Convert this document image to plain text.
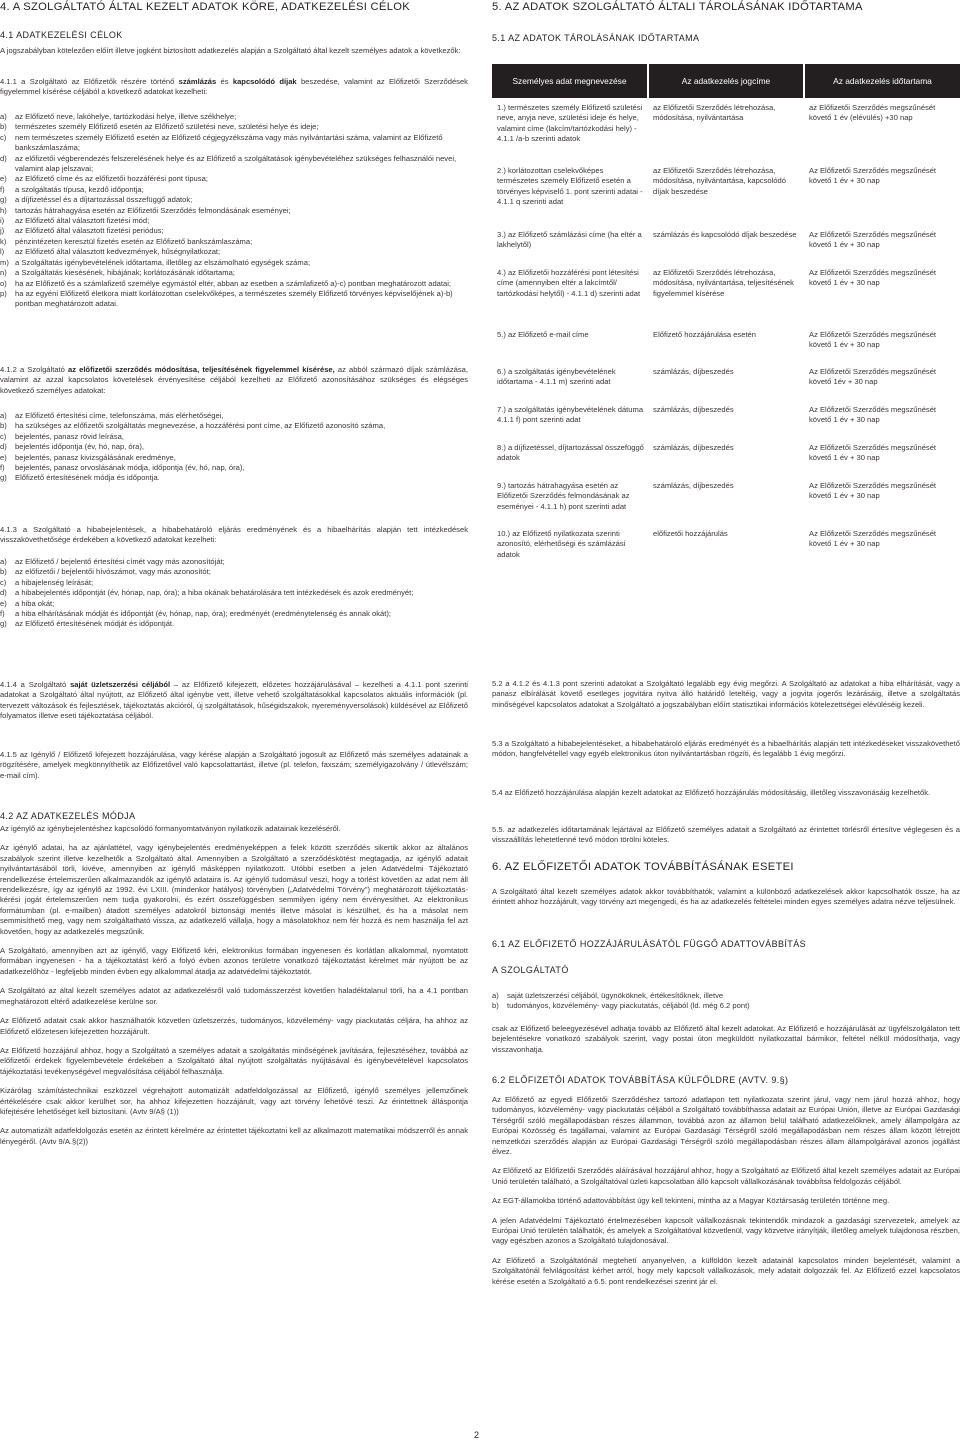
4. A SZOLGÁLTATÓ ÁLTAL KEZELT ADATOK KÖRE, ADATKEZELÉSI CÉLOK
4.1 ADATKEZELÉSI CÉLOK

A jogszabályban kötelezően előírt illetve jogként biztosított adatkezelés alapján a Szolgáltató által kezelt személyes adatok a következők:

4.1.1 a Szolgáltató az Előfizetők részére történő számlázás és kapcsolódó díjak beszedése, valamint az Előfizetői Szerződések figyelemmel kísérése céljából a következő adatokat kezelheti:

a)	az Előfizető neve, lakóhelye, tartózkodási helye, illetve székhelye;
b)	természetes személy Előfizető esetén az Előfizető születési neve, születési helye és ideje;
c)	nem természetes személy Előfizető esetén az Előfizető cégjegyzékszáma vagy más nyilvántartási száma, valamint az Előfizető bankszámlaszáma;
d)	az előfizetői végberendezés felszerelésének helye és az Előfizető a szolgáltatások igénybevételéhez szükséges felhasználói nevei, valamint alap jelszavai;
e)	az Előfizető címe és az előfizetői hozzáférési pont típusa;
f)	a szolgáltatás típusa, kezdő időpontja;
g)	a díjfizetéssel és a díjtartozással összefüggő adatok;
h)	tartozás hátrahagyása esetén az Előfizetői Szerződés felmondásának eseményei;
i)	az Előfizető által választott fizetési mód;
j)	az Előfizető által választott fizetési periódus;
k)	pénzintézeten keresztül fizetés esetén az Előfizető bankszámlaszáma;
l)	az Előfizető által választott kedvezmények, hűségnyilatkozat;
m) a Szolgáltatás igénybevételének időtartama, illetőleg az elszámolható egységek száma;
n)	a Szolgáltatás kiesésének, hibájának; korlátozásának időtartama;
o)	ha az Előfizető és a számlafizető személye egymástól eltér, abban az esetben a számlafizető a)-c) pontban meghatározott adatai;
p)	ha az egyéni Előfizető életkora miatt korlátozottan cselekvőképes, a természetes személy Előfizető törvényes képviselőjének a)-b) pontban meghatározott adatai.

4.1.2 a Szolgáltató az előfizetői szerződés módosítása, teljesítésének figyelemmel kísérése, az abból származó díjak számlázása, valamint az azzal kapcsolatos követelések érvényesítése céljából kezelheti az Előfizető azonosításához szükséges és elégséges következő személyes adatokat:

a)	az Előfizető értesítési címe, telefonszáma, más elérhetőségei,
b)	ha szükséges az előfizetői szolgáltatás megnevezése, a hozzáférési pont címe, az Előfizető azonosító száma,
c)	bejelentés, panasz rövid leírása,
d)	bejelentés időpontja (év, hó, nap, óra),
e)	bejelentés, panasz kivizsgálásának eredménye,
f)	bejelentés, panasz orvoslásának módja, időpontja (év, hó, nap, óra),
g)	Előfizető értesítésének módja és időpontja.

4.1.3 a Szolgáltató a hibabejelentések, a hibabehatároló eljárás eredményének és a hibaelhárítás alapján tett intézkedések visszakövethetősége érdekében a következő adatokat kezelheti:

a)	az Előfizető / bejelentő értesítési címét vagy más azonosítóját;
b)	az előfizetői / bejelentői hívószámot, vagy más azonosítót;
c)	a hibajelenség leírását;
d)	a hibabejelentés időpontját (év, hónap, nap, óra); a hiba okának behatárolására tett intézkedések és azok eredményét;
e)	a hiba okát;
f)	a hiba elhárításának módját és időpontját (év, hónap, nap, óra); eredményét (eredménytelenség és annak okát);
g)	az Előfizető értesítésének módját és időpontját.

4.1.4 a Szolgáltató saját üzletszerzési céljából – az Előfizető kifejezett, előzetes hozzájárulásával – kezelheti a 4.1.1 pont szerinti adatokat a Szolgáltató által nyújtott, az Előfizető által igénybe vett, illetve vehető szolgáltatásokkal kapcsolatos aktuális információk (pl. tervezett változások és fejlesztések, tájékoztatás akcióról, új szolgáltatások, hűségidszakok, nyereményversolások) küldésével az Előfizető folyamatos illetve eseti tájékoztatása céljából.

4.1.5 az Igénylő / Előfizető kifejezett hozzájárulása, vagy kérése alapján a Szolgáltató jogosult az Előfizető más személyes adatainak a rögzítésére, amelyek megkönnyíthetik az Előfizetővel való kapcsolattartást, illetve (pl. telefon, faxszám; személyigazolvány / útlevélszám; e-mail cím).

4.2 AZ ADATKEZELÉS MÓDJA

Az igénylő az igénybejelentéshez kapcsolódó formanyomtatványon nyilatkozik adatainak kezeléséről.

Az igénylő adatai, ha az ajánlattétel, vagy igénybejelentés eredményeképpen a felek között szerződés sikertik akkor az általános szabályok szerint illetve kezelhetők a Szolgáltató által. Amennyiben a Szolgáltató a szerződéskötést megtagadja, az igénylő adatait nyilvántartásából törli, kivéve, amennyiben az igénylő másképpen nyilatkozott. Utóbbi esetben a jelen Adatvédelmi Tájékoztató rendelkezése értelemszerűen alkalmazandók az igénylő adataira is. Az igénylő tudomásul veszi, hogy a törlést követően az adat nem áll rendelkezésre, így az igénylő az 1992. évi LXIII. (mindenkor hatályos) törvényben („Adatvédelmi Törvény") meghatározott tájékoztatás-kérési jogát értelemszerűen nem tudja gyakorolni, és ezért összefüggésben semmilyen igény nem érvényesíthet. Az elektronikus formátumban (pl. e-mailben) átadott személyes adatokról biztonsági mentés illetve másolat is készülhet, és ha a másolat nem semmisíthető meg, vagy nem szolgáltatható vissza, az adatkezelő vállalja, hogy a másolatokhoz nem fér hozzá és nem használja fel azt követően, hogy az adatkezelés megszűnik.

A Szolgáltató, amennyiben azt az igénylő, vagy Előfizető kéri, elektronikus formában ingyenesen és korlátlan alkalommal, nyomtatott formában ingyenesen - ha a tájékoztatást kérő a folyó évben azonos területre vonatkozó tájékoztatást kérelmet már nyújtott be az adatkezelőhöz - legfeljebb minden évben egy alkalommal átadja az adatvédelmi tájékoztatót.

A Szolgáltató az által kezelt személyes adatot az adatkezelésről való tudomásszerzést követően haladéktalanul törli, ha a 4.1 pontban meghatározott eltérő adatkezelése kerülne sor.

Az Előfizető adatait csak akkor használhatók közvetlen üzletszerzés, tudományos, közvélemény- vagy piackutatás céljára, ha ahhoz az Előfizető előzetesen kifejezetten hozzájárult.

Az Előfizető hozzájárul ahhoz, hogy a Szolgáltató a személyes adatait a szolgáltatás minőségének javítására, fejlesztéséhez, továbbá az előfizetői érdekek figyelembevétele érdekében a Szolgáltató által nyújtott szolgáltatás nyújtásával és igénybevételével kapcsolatos tájékoztatási tevékenységével megvalósítása céljából felhasználja.

Kizárólag számítástechnikai eszközzel végrehajtott automatizált adatfeldolgozással az Előfizető, igénylő személyes jellemzőinek értékelésére csak akkor kerülhet sor, ha ahhoz kifejezetten hozzájárult, vagy azt törvény lehetővé teszi. Az érintettnek álláspontja kifejtésére lehetőséget kell biztosítani. (Avtv 9/A§ (1))

Az automatizált adatfeldolgozás esetén az érintett kérelmére az érintettet tájékoztatni kell az alkalmazott matematikai módszerről és annak lényegéről. (Avtv 9/A.§(2))

5. AZ ADATOK SZOLGÁLTATÓ ÁLTALI TÁROLÁSÁNAK IDŐTARTAMA
5.1 AZ ADATOK TÁROLÁSÁNAK IDŐTARTAMA
Személyes adat megnevezése	Az adatkezelés jogcíme	Az adatkezelés időtartama
1.) természetes személy Előfizető születési neve, anyja neve, születési ideje és helye, valamint címe (lakcím/tartózkodási hely) - 4.1.1 /a-b szerinti adatok	az Előfizetői Szerződés létrehozása, módosítása, nyilvántartása	az Előfizetői Szerződés megszűnését követő 1 év (elévülés) +30 nap
2.) korlátozottan cselekvőképes természetes személy Előfizető esetén a törvényes képviselő 1. pont szerinti adatai - 4.1.1 q szerinti adat	az Előfizetői Szerződés létrehozása, módosítása, nyilvántartása, kapcsolódó díjak beszedése	Az Előfizetői Szerződés megszűnését követő 1 év + 30 nap
3.) az Előfizető számlázási címe (ha eltér a lakhelytől)	számlázás és kapcsolódó díjak beszedése	Az Előfizetői Szerződés megszűnését követő 1 év + 30 nap
4.) az Előfizetői hozzáférési pont létesítési címe (amennyiben eltér a lakcímtől/ tartózkodási helytől) - 4.1.1 d) szerinti adat	az Előfizetői Szerződés létrehozása, módosítása, nyilvántartása, teljesítésének figyelemmel kísérése	Az Előfizetői Szerződés megszűnését követő 1 év + 30 nap
5.) az Előfizető e-mail címe	Előfizető hozzájárulása esetén	Az Előfizetői Szerződés megszűnését követő 1 év + 30 nap
6.) a szolgáltatás igénybevételének időtartama - 4.1.1 m) szerinti adat	számlázás, díjbeszedés	Az Előfizetői Szerződés megszűnését követő 1év + 30 nap
7.) a szolgáltatás igénybevételének dátuma 4.1.1 f) pont szerinti adat	számlázás, díjbeszedés	Az Előfizetői Szerződés megszűnését követő 1 év + 30 nap
8.) a díjfizetéssel, díjtartozással összefüggő adatok	számlázás, díjbeszedés	Az Előfizetői Szerződés megszűnését követő 1 év + 30 nap
9.) tartozás hátrahagyása esetén az Előfizetői Szerződés felmondásának az eseményei - 4.1.1 h) pont szerinti adat	számlázás, díjbeszedés	Az Előfizetői Szerződés megszűnését követő 1 év + 30 nap
10.) az Előfizető nyilatkozata szerinti azonosító, elérhetőségi és számlázási adatok	előfizetői hozzájárulás	Az Előfizetői Szerződés megszűnését követő 1 év + 30 nap

5.2 a 4.1.2 és 4.1.3 pont szerinti adatokat a Szolgáltató legalább egy évig megőrzi. A Szolgáltató az adatokat a hiba elhárítását, vagy a panasz elbírálását követő esetleges jogvitára nyitva álló határidő leteltéig, vagy a jogvita jogerős lezárásáig, illetve a szolgáltatás minőségével kapcsolatos adatokat a Szolgáltató a jogszabályban előírt statisztikai információs kötelezettségei elévüléséig kezeli.

5.3 a Szolgáltató a hibabejelentéseket, a hibabehatároló eljárás eredményét és a hibaelhárítás alapján tett intézkedéseket visszakövethető módon, hangfelvétellel vagy egyéb elektronikus úton nyilvántartásban rögzíti, és legalább 1 évig megőrzi.

5.4 az Előfizető hozzájárulása alapján kezelt adatokat az Előfizető hozzájárulás módosításáig, illetőleg visszavonásáig kezelhetők.

5.5. az adatkezelés időtartamának lejártával az Előfizető személyes adatait a Szolgáltató az érintettet törlésről értesítve véglegesen és a visszaállítás lehetetlenné tevő módon törölni köteles.

6. AZ ELŐFIZETŐI ADATOK TOVÁBBÍTÁSÁNAK ESETEI

A Szolgáltató által kezelt személyes adatok akkor továbbíthatók, valamint a különböző adatkezelések akkor kapcsolhatók össze, ha az érintett ahhoz hozzájárult, vagy törvény azt megengedi, és ha az adatkezelés feltételei minden egyes személyes adatra nézve teljesülnek.

6.1 AZ ELŐFIZETŐ HOZZÁJÁRULÁSÁTÓL FÜGGŐ ADATTOVÁBBÍTÁS
A SZOLGÁLTATÓ
a)	saját üzletszerzési céljából, ügynököknek, értékesítőknek, illetve
b)	tudományos, közvélemény- vagy piackutatás, céljából (ld. még 6.2 pont)

csak az Előfizető beleegyezésével adhatja tovább az Előfizető által kezelt adatokat. Az Előfizető e hozzájárulását az ügyfélszolgálaton tett bejelentésekre vonatkozó szabályok szerint, vagy postai úton megküldött nyilatkozattal bármikor, feltétel nélkül módosíthatja, vagy visszavonhatja.

6.2 ELŐFIZETŐI ADATOK TOVÁBBÍTÁSA KÜLFÖLDRE (AVTV. 9.§)

Az Előfizető az egyedi Előfizetői Szerződéshez tartozó adatlapon tett nyilatkozata szerint járul, vagy nem járul hozzá ahhoz, hogy tudományos, közvélemény- vagy piackutatás céljából a Szolgáltató továbbíthassa adatait az Európai Unión, illetve az Európai Gazdasági Térségről szóló megállapodásban részes állammon, továbbá azon az államon belül található adatkezelőknek, amely állampolgára az Európai Közösség és tagállamai, valamint az Európai Gazdasági Térségről szóló megállapodásban nem részes állam között létrejött nemzetközi szerződés alapján az Európai Gazdasági Térségről szóló megállapodásban részes állam állampolgárával azonos jogállást élvez.

Az Előfizető az Előfizetői Szerződés aláírásával hozzájárul ahhoz, hogy a Szolgáltató az Előfizető által kezelt személyes adatait az Európai Unió területén található, a Szolgáltatóval üzleti kapcsolatban álló kapcsolt vállalkozásának továbbítsa feldolgozás céljából.

Az EGT-államokba történő adattovábbítást úgy kell tekinteni, mintha az a Magyar Köztársaság területén történne meg.

A jelen Adatvédelmi Tájékoztató értelmezésében kapcsolt vállalkozásnak tekintendők mindazok a gazdasági szervezetek, amelyek az Európai Unió területén találhatók, és amelyek a Szolgáltatóval közvetlenül, vagy közvetve irányítják, illetőleg amelyek tulajdonosa részben, vagy egészben azonos a Szolgáltató tulajdonosával.

Az Előfizető a Szolgáltatónál megtehetí anyanyelven, a külföldön kezelt adatainál kapcsolatos minden bejelentését, valamint a Szolgáltatónál felvilágosítást kérhet arról, hogy mely kapcsolt vállalkozások, mely adatait dolgozzák fel. Az Előfizető ezzel kapcsolatos kérése esetén a Szolgáltató a 6.5. pont rendelkezései szerint jár el.

2
